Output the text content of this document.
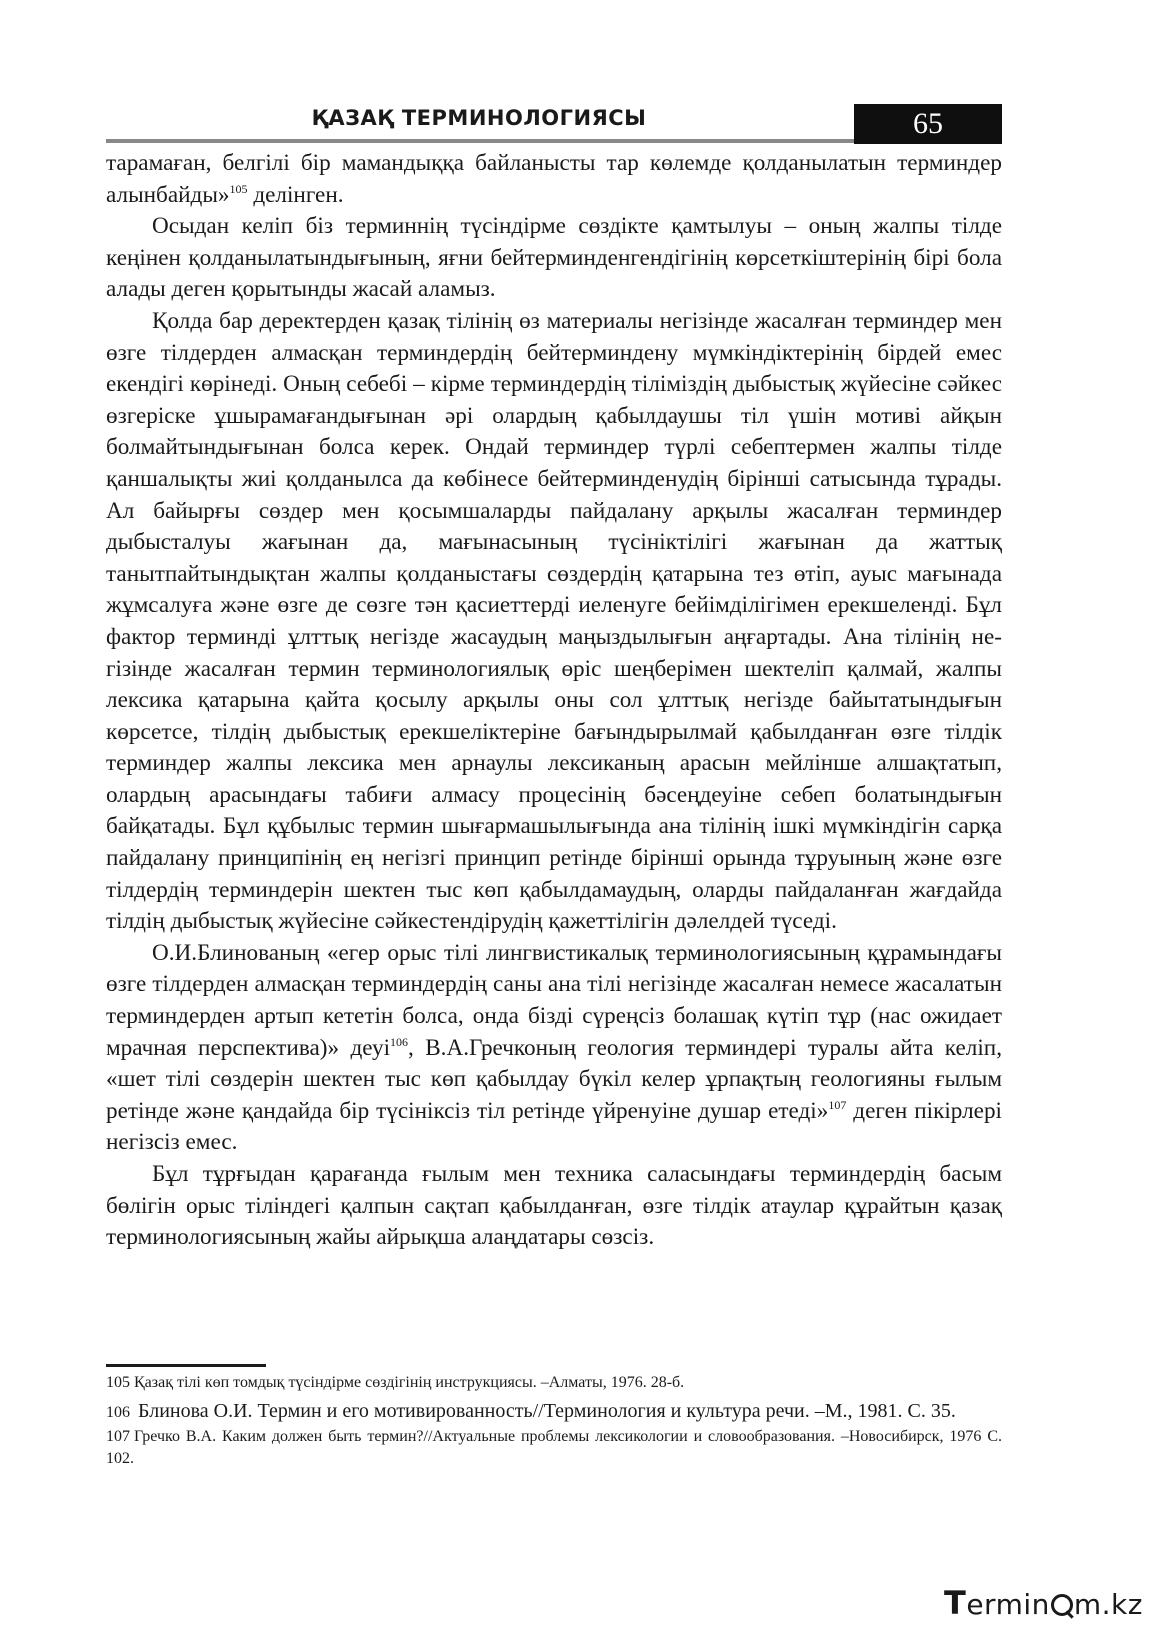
ҚАЗАҚ ТЕРМИНОЛОГИЯСЫ	65

тарамаған, белгілі бір мамандыққа байланысты тар көлемде қолданылатын терминдер алынбайды»$^{105}$ делінген.

Осыдан келіп біз терминнің түсіндірме сөздікте қамтылуы – оның жалпы тілде кеңінен қолданылатындығының, яғни бейтерминденгендігінің көрсеткіштерінің бірі бола алады деген қорытынды жасай аламыз.

Қолда бар деректерден қазақ тілінің өз материалы негізінде жасалған терминдер мен өзге тілдерден алмасқан терминдердің бейтерминдену мүмкіндіктерінің бірдей емес екендігі көрінеді. Оның себебі – кірме терминдердің тіліміздің дыбыстық жүйесіне сәйкес өзгеріске ұшырамағандығынан әрі олардың қабылдаушы тіл үшін мотиві айқын болмайтындығынан болса керек. Ондай терминдер түрлі себептермен жалпы тілде қаншалықты жиі қолданылса да көбінесе бейтерминденудің бірінші сатысында тұрады. Ал байырғы сөздер мен қосымшаларды пайдалану арқылы жасалған терминдер дыбысталуы жағынан да, мағынасының түсініктілігі жағынан да жаттық танытпайтындықтан жалпы қолданыстағы сөздердің қатарына тез өтіп, ауыс мағынада жұмсалуға және өзге де сөзге тән қасиеттерді иеленуге бейімділігімен ерекшеленді. Бұл фактор терминді ұлттық негізде жасаудың маңыздылығын аңғартады. Ана тілінің негізінде жасалған термин терминологиялық өріс шеңберімен шектеліп қалмай, жалпы лексика қатарына қайта қосылу арқылы оны сол ұлттық негізде байытатындығын көрсетсе, тілдің дыбыстық ерекшеліктеріне бағындырылмай қабылданған өзге тілдік терминдер жалпы лексика мен арнаулы лексиканың арасын мейлінше алшақтатып, олардың арасындағы табиғи алмасу процесінің бәсеңдеуіне себеп болатындығын байқатады. Бұл құбылыс термин шығармашылығында ана тілінің ішкі мүмкіндігін сарқа пайдалану принципінің ең негізгі принцип ретінде бірінші орында тұруының және өзге тілдердің терминдерін шектен тыс көп қабылдамаудың, оларды пайдаланған жағдайда тілдің дыбыстық жүйесіне сәйкестендірудің қажеттілігін дәлелдей түседі.

О.И.Блинованың «егер орыс тілі лингвистикалық терминологиясының құрамындағы өзге тілдерден алмасқан терминдердің саны ана тілі негізінде жасалған немесе жасалатын терминдерден артып кететін болса, онда бізді сүреңсіз болашақ күтіп тұр (нас ожидает мрачная перспектива)» деуі$^{106}$, В.А.Гречконың геология терминдері туралы айта келіп, «шет тілі сөздерін шектен тыс көп қабылдау бүкіл келер ұрпақтың геологияны ғылым ретінде және қандайда бір түсініксіз тіл ретінде үйренуіне душар етеді»$^{107}$ деген пікірлері негізсіз емес.

Бұл тұрғыдан қарағанда ғылым мен техника саласындағы терминдердің басым бөлігін орыс тіліндегі қалпын сақтап қабылданған, өзге тілдік атаулар құрайтын қазақ терминологиясының жайы айрықша алаңдатары сөзсіз.

105 Қазақ тілі көп томдық түсіндірме сөздігінің инструкциясы. –Алматы, 1976. 28-б.

106 Блинова О.И. Термин и его мотивированность//Терминология и культура речи. –М., 1981. С. 35.

107 Гречко В.А. Каким должен быть термин?//Актуальные проблемы лексикологии и словообразования. –Новосибирск, 1976 С. 102.

Termin m.kz
